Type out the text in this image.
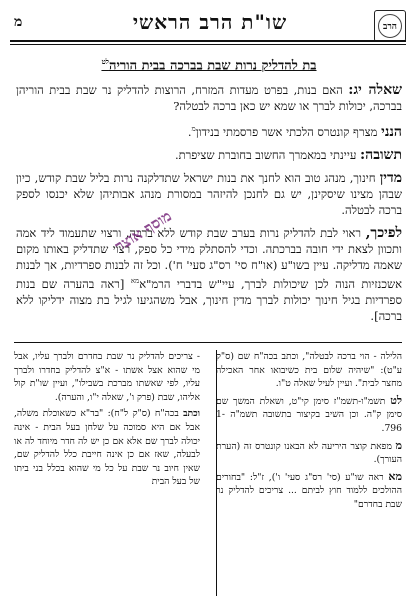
הרב
שו"ת הרב הראשי
מ
בת להדליק נרות שבת בברכה בבית הוריה$^{לט}$

שאלה יג: האם בנות, בפרט מעדות המזרח, הרוצות להדליק נר שבת בבית הוריהן בברכה, יכולות לברך או שמא יש כאן ברכה לבטלה?

הנני מצרף קונטרס הלכתי אשר פרסמתי בנידון$^מ$.

תשובה: עיינתי במאמרך החשוב בחוברת שציפרת.

מדין חינוך, מנהג טוב הוא לחנך את בנות ישראל שתדלקנה נרות בליל שבת קודש, כיון שבהן מצינו שיסקינן, יש גם לחנכן להיזהר במסורת מנהג אבותיהן שלא יכנסו לספק ברכה לבטלה.

לפיכך, ראוי לבת להדליק נרות בערב שבת קודש ללא ברכה, ורצוי שתעמוד ליד אמה ותכוון לצאת ידי חובה בברכתה. וכדי להסתלק מידי כל ספק, רצוי שתדליק באותו מקום שאמה מדליקה. עיין בשו"ע (או"ח סי' רס"ג סעי' ח'). וכל זה לבנות ספרדיות, אך לבנות אשכנזיות הנוה לכן שיכולות לברך, עיי"ש בדברי הרמ"א$^{מא}$ [ראה בהערה שם בנות ספרדיות בגיל חינוך יכולות לברך מדין חינוך, אבל משהגיעו לגיל בת מצוה ידליקו ללא ברכה].

מוסף אוצר

הלילה - הוי ברכה לבטלה", וכתב בכה"ח שם (ס"ק ע"ט): "שיהיה שלום בית כשיבואו אחר האכילה מחצר לבית". ועיין לעיל שאלה ט"ו.

לט תשמ"ו-תשמ"ז סימן קי"ט, ושאלת המשך שם סימן ק"ה. וכן השיב בקיצור בתשובה תשמ"ה 1-796.

מ מפאת קוצר היריעה לא הבאנו קונטרס זה (הערת העורך).

מא ראה שו"ע (סי' רס"ג סעי' ו'), ז"ל: "בחורים ההולכים ללמוד חוץ לביתם ... צריכים להדליק נר שבת בחדרם"

- צריכים להדליק נר שבת בחדרם ולברך עליו, אבל מי שהוא אצל אשתו - א"צ להדליק בחדרו ולברך עליו, לפי שאשתו מברכת בשבילו", ועיין שו"ת קול אליהו, שבת (פרק ו', שאלה י"ו, והערה).

וכתב בכה"ח (ס"ק ל"ח): "בד"א כשאוכלת משלה, אבל אם היא סמוכה על שלחן בעל הבית - אינה יכולה לברך שם אלא אם כן יש לה חדר מיוחד לה או לבעלה, שאז אם כן אינה חייבת כלל להדליק שם, שאין חיוב נר שבת על כל מי שהוא בכלל בני ביתו של בעל הבית
